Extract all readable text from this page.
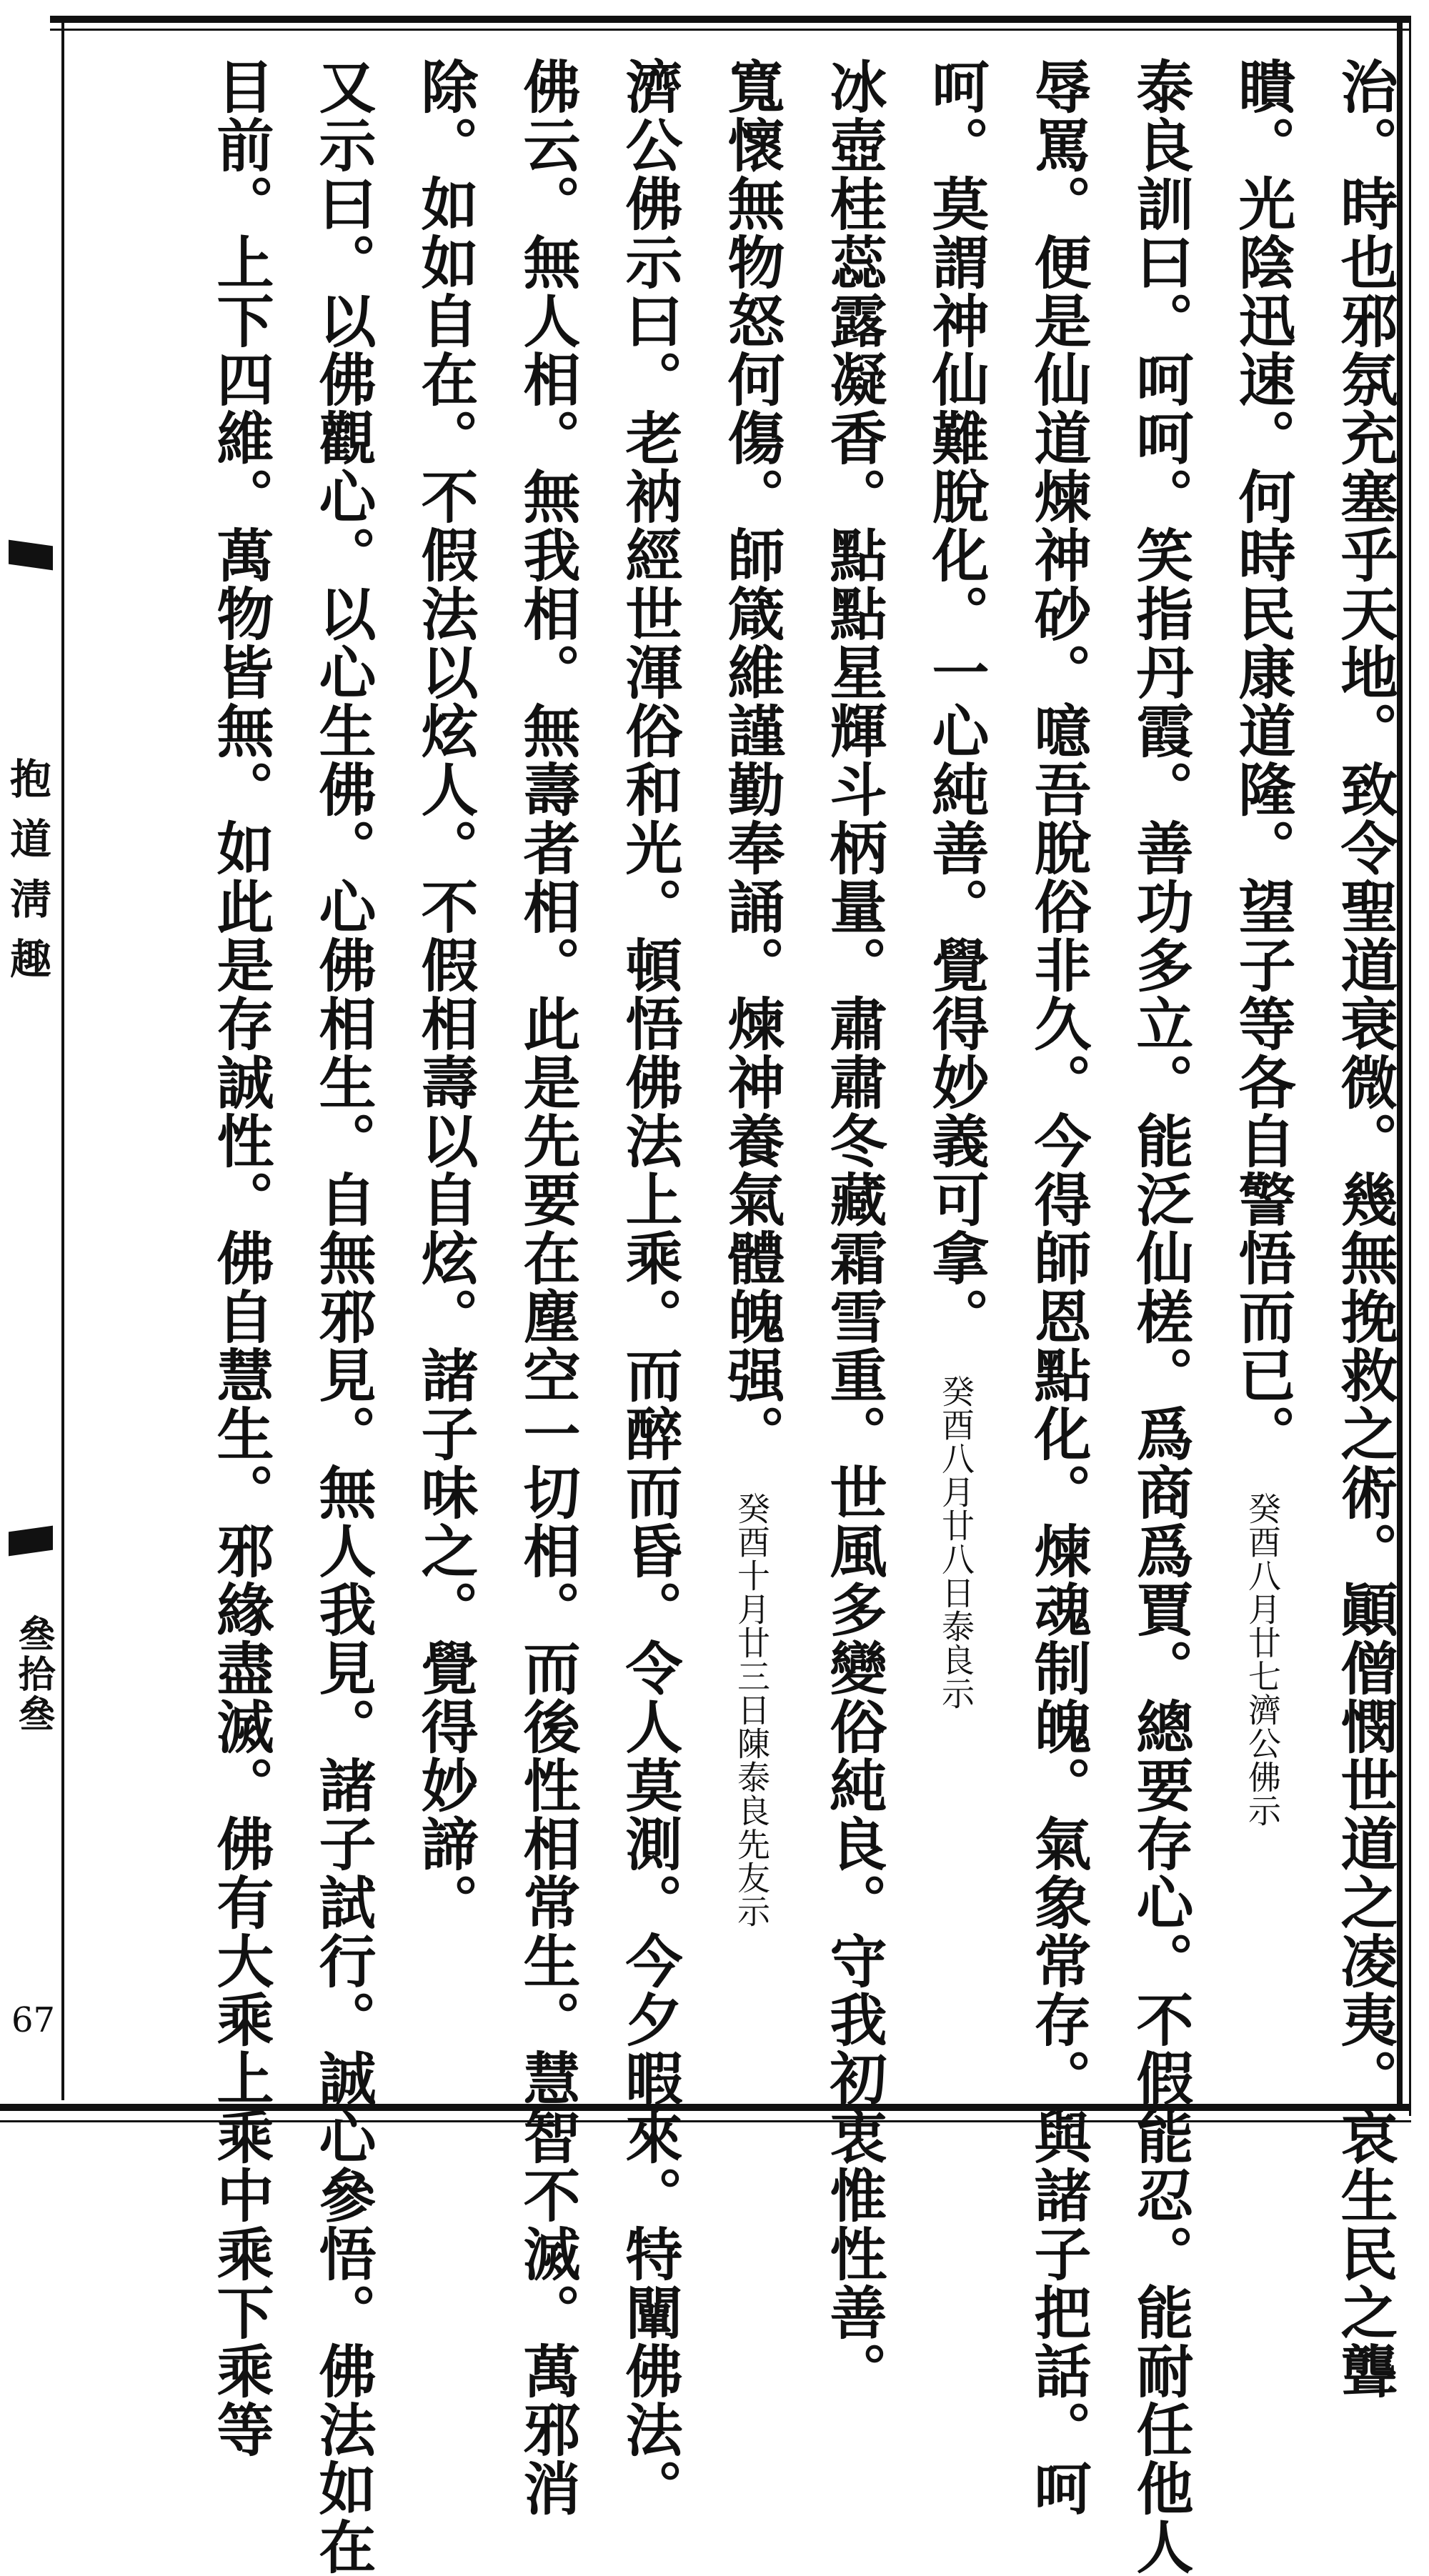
抱道淸趣
叄拾叄
67	治。時也邪氛充塞乎天地。致令聖道衰微。幾無挽救之術。顚僧憫世道之凌夷。哀生民之聾
瞶。光陰迅速。何時民康道隆。望子等各自警悟而已。癸酉八月廿七濟公佛示
泰良訓曰。呵呵。笑指丹霞。善功多立。能泛仙槎。爲商爲賈。總要存心。不假能忍。能耐任他人
辱罵。便是仙道煉神砂。噫吾脫俗非久。今得師恩點化。煉魂制魄。氣象常存。與諸子把話。呵
呵。莫謂神仙難脫化。一心純善。覺得妙義可拿。癸酉八月廿八日泰良示
冰壺桂蕊露凝香。點點星輝斗柄量。肅肅冬藏霜雪重。世風多變俗純良。守我初衷惟性善。
寬懷無物怒何傷。師箴維謹勤奉誦。煉神養氣體魄强。癸酉十月廿三日陳泰良先友示
濟公佛示曰。老衲經世渾俗和光。頓悟佛法上乘。而醉而昏。令人莫測。今夕暇來。特闡佛法。
佛云。無人相。無我相。無壽者相。此是先要在塵空一切相。而後性相常生。慧智不滅。萬邪消
除。如如自在。不假法以炫人。不假相壽以自炫。諸子味之。覺得妙諦。
又示曰。以佛觀心。以心生佛。心佛相生。自無邪見。無人我見。諸子試行。誠心參悟。佛法如在
目前。上下四維。萬物皆無。如此是存誠性。佛自慧生。邪緣盡滅。佛有大乘上乘中乘下乘等
